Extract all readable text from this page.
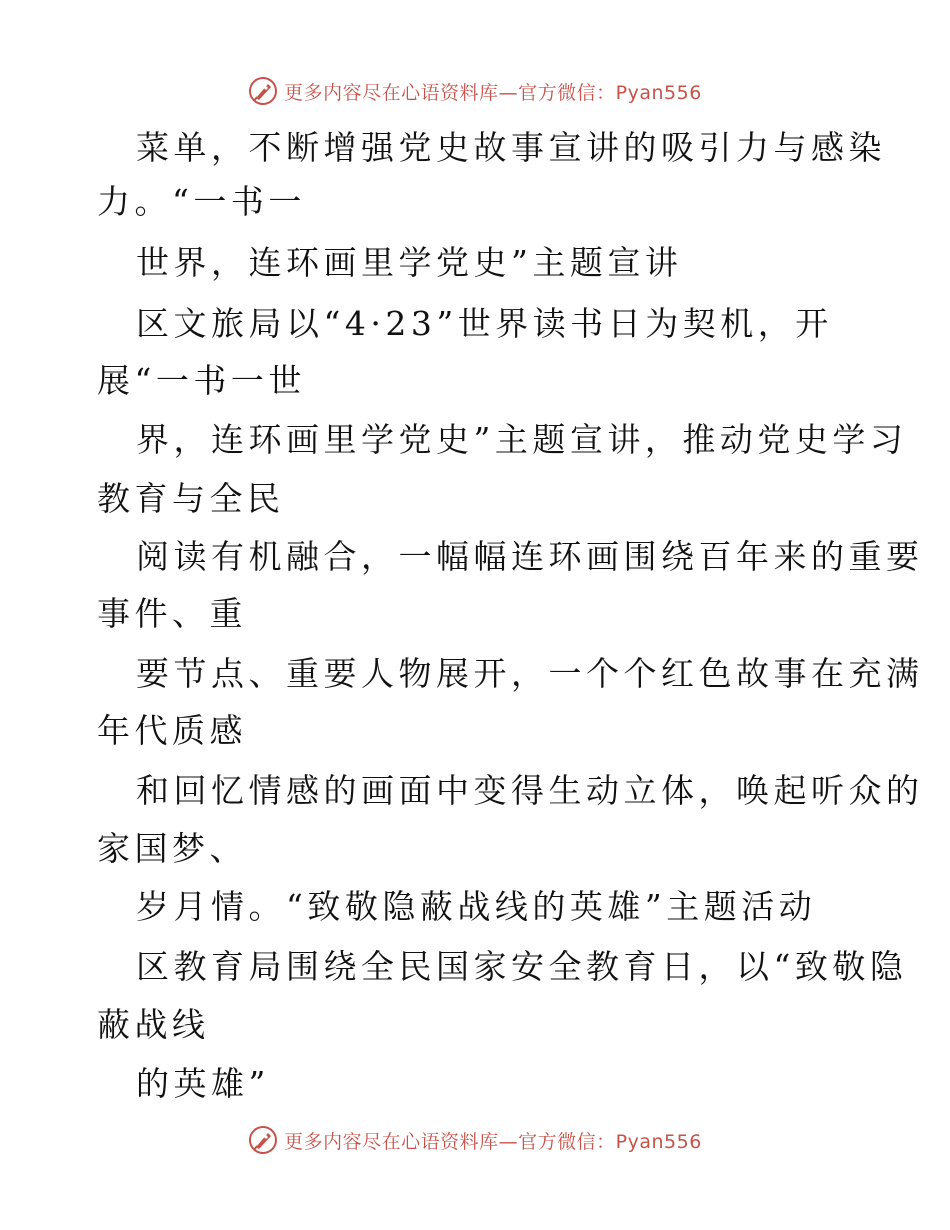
更多内容尽在心语资料库—官方微信：Pyan556
菜单，不断增强党史故事宣讲的吸引力与感染
力。“一书一
世界，连环画里学党史”主题宣讲
区文旅局以“4·23”世界读书日为契机，开
展“一书一世
界，连环画里学党史”主题宣讲，推动党史学习
教育与全民
阅读有机融合，一幅幅连环画围绕百年来的重要
事件、重
要节点、重要人物展开，一个个红色故事在充满
年代质感
和回忆情感的画面中变得生动立体，唤起听众的
家国梦、
岁月情。“致敬隐蔽战线的英雄”主题活动
区教育局围绕全民国家安全教育日，以“致敬隐
蔽战线
的英雄”
更多内容尽在心语资料库—官方微信：Pyan556
